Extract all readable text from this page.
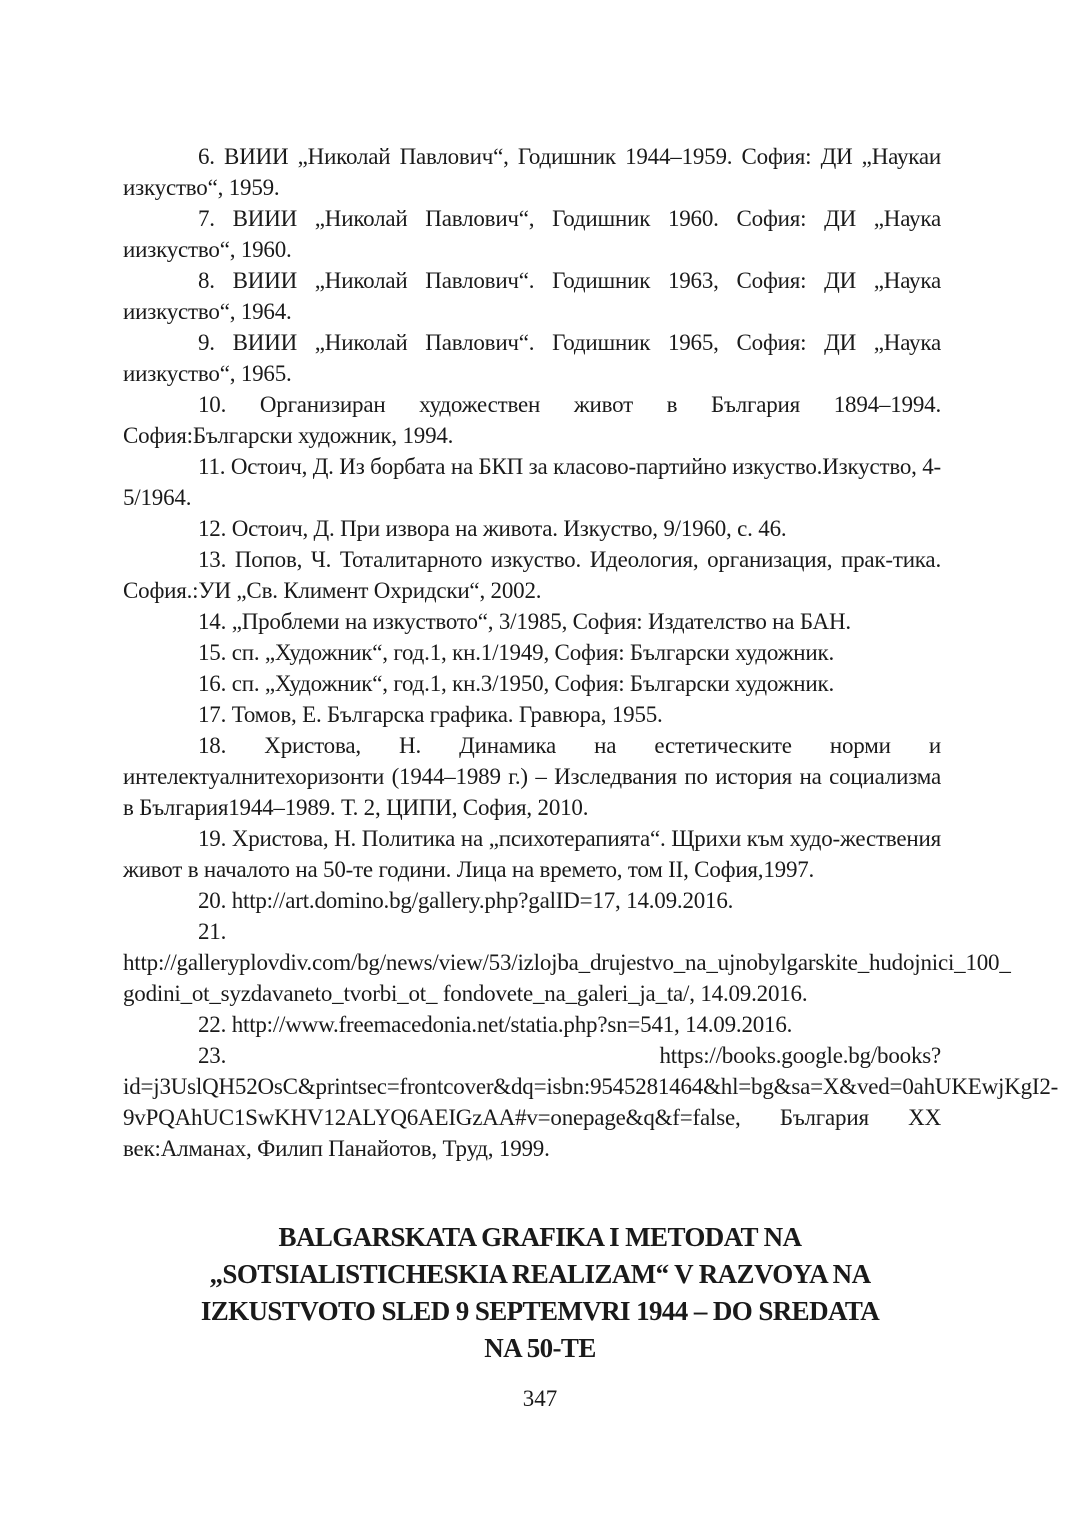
6. ВИИИ „Николай Павлович“, Годишник 1944–1959. София: ДИ „Наукаи изкуство“, 1959.

7. ВИИИ „Николай Павлович“, Годишник 1960. София: ДИ „Наука иизкуство“, 1960.

8. ВИИИ „Николай Павлович“. Годишник 1963, София: ДИ „Наука иизкуство“, 1964.

9. ВИИИ „Николай Павлович“. Годишник 1965, София: ДИ „Наука иизкуство“, 1965.

10. Организиран художествен живот в България 1894–1994. София:Български художник, 1994.

11. Остоич, Д. Из борбата на БКП за класово-партийно изкуство.Изкуство, 4-5/1964.

12. Остоич, Д. При извора на живота. Изкуство, 9/1960, с. 46.

13. Попов, Ч. Тоталитарното изкуство. Идеология, организация, прак-тика. София.:УИ „Св. Климент Охридски“, 2002.

14. „Проблеми на изкуството“, 3/1985, София: Издателство на БАН.

15. сп. „Художник“, год.1, кн.1/1949, София: Български художник.

16. сп. „Художник“, год.1, кн.3/1950, София: Български художник.

17. Томов, Е. Българска графика. Гравюра, 1955.

18. Христова, Н. Динамика на естетическите норми и интелектуалнитехоризонти (1944–1989 г.) – Изследвания по история на социализма в България1944–1989. Т. 2, ЦИПИ, София, 2010.

19. Христова, Н. Политика на „психотерапията“. Щрихи към худо-жествения живот в началото на 50-те години. Лица на времето, том II, София,1997.

20. http://art.domino.bg/gallery.php?galID=17, 14.09.2016.

21. http://galleryplovdiv.com/bg/news/view/53/izlojba_drujestvo_na_ujnobylgarskite_hudojnici_100_ godini_ot_syzdavaneto_tvorbi_ot_ fondovete_na_galeri_ja_ta/, 14.09.2016.

22. http://www.freemacedonia.net/statia.php?sn=541, 14.09.2016.

23. https://books.google.bg/books?id=j3UslQH52OsC&printsec=frontcover&dq=isbn:9545281464&hl=bg&sa=X&ved=0ahUKEwjKgI2-9vPQAhUC1SwKHV12ALYQ6AEIGzAA#v=onepage&q&f=false, България XX век:Алманах, Филип Панайотов, Труд, 1999.

BALGARSKATA GRAFIKA I METODAT NA
„SOTSIALISTICHESKIA REALIZAM“ V RAZVOYA NA
IZKUSTVOTO SLED 9 SEPTEMVRI 1944 – DO SREDATA
NA 50-TE

347
